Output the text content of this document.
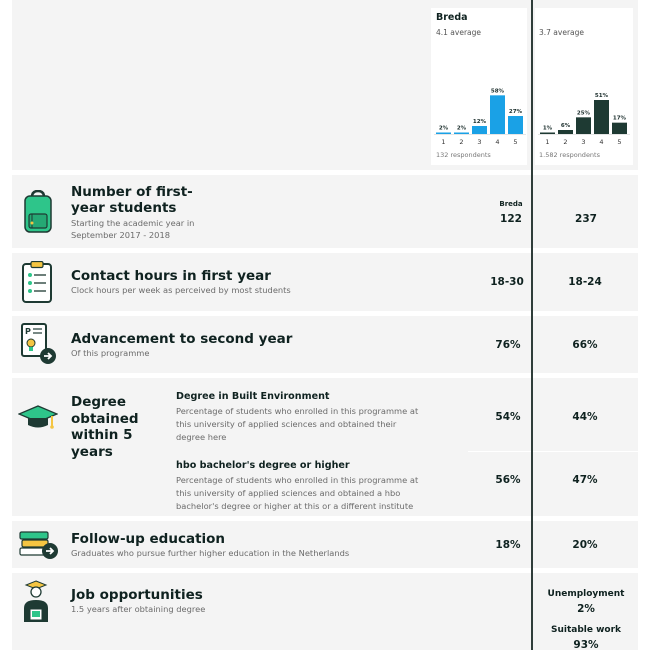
Breda
4.1 average
2%
1
2%
2
12%
3
58%
4
27%
5
132 respondents
3.7 average
1%
1
6%
2
25%
3
51%
4
17%
5
1.582 respondents
Number of first-year students
Starting the academic year in September 2017 - 2018
Breda
122	237
Contact hours in first year
Clock hours per week as perceived by most students
18-30	18-24
P	Advancement to second year
Of this programme
76%	66%
Degree obtained within 5 years
Degree in Built Environment
Percentage of students who enrolled in this programme at this university of applied sciences and obtained their degree here
54%	44%
hbo bachelor's degree or higher
Percentage of students who enrolled in this programme at this university of applied sciences and obtained a hbo bachelor's degree or higher at this or a different institute
56%	47%
Follow-up education
Graduates who pursue further higher education in the Netherlands
18%	20%
Job opportunities
1.5 years after obtaining degree
Unemployment
2%
Suitable work
93%
